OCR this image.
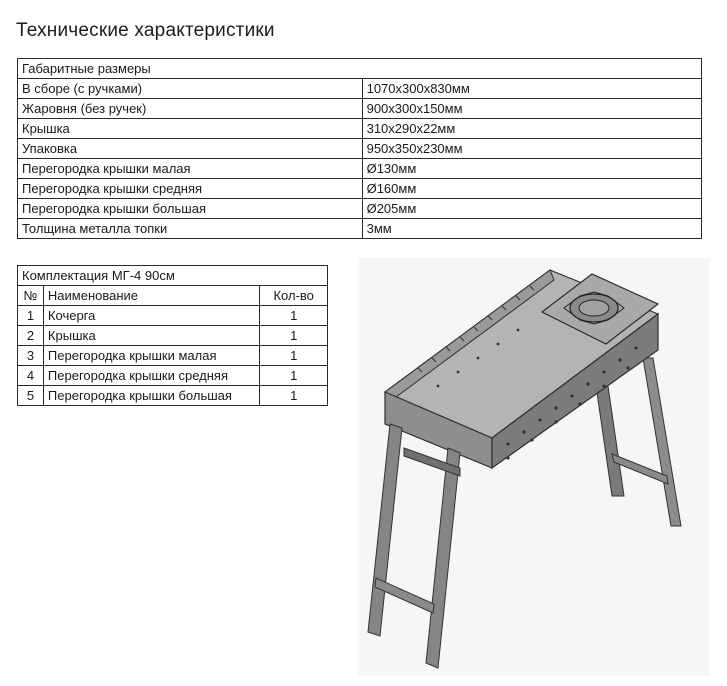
Технические характеристики
Габаритные размеры	
В сборе (с ручками)	1070x300x830мм
Жаровня (без ручек)	900x300x150мм
Крышка	310x290x22мм
Упаковка	950x350x230мм
Перегородка крышки малая	Ø130мм
Перегородка крышки средняя	Ø160мм
Перегородка крышки большая	Ø205мм
Толщина металла топки	3мм
Комплектация МГ-4 90см		
№	Наименование	Кол-во
1	Кочерга	1
2	Крышка	1
3	Перегородка крышки малая	1
4	Перегородка крышки средняя	1
5	Перегородка крышки большая	1
